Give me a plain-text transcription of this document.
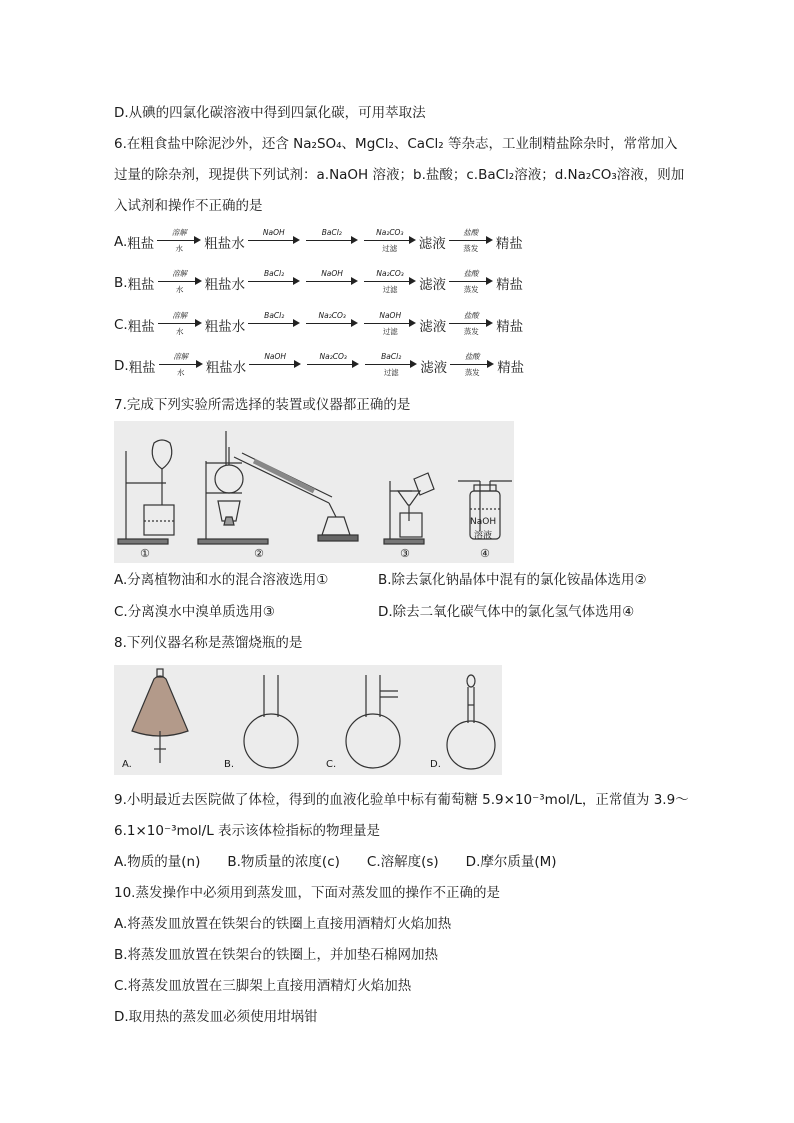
D.从碘的四氯化碳溶液中得到四氯化碳，可用萃取法
6.在粗食盐中除泥沙外，还含 Na₂SO₄、MgCl₂、CaCl₂ 等杂志，工业制精盐除杂时，常常加入
过量的除杂剂，现提供下列试剂：a.NaOH 溶液；b.盐酸；c.BaCl₂溶液；d.Na₂CO₃溶液，则加
入试剂和操作不正确的是
A. 粗盐
溶解
水	粗盐水
NaOH	BaCl₂	Na₂CO₃
过滤	滤液
盐酸
蒸发	精盐
B. 粗盐
溶解
水	粗盐水
BaCl₂	NaOH	Na₂CO₃
过滤	滤液
盐酸
蒸发	精盐
C. 粗盐
溶解
水	粗盐水
BaCl₂	Na₂CO₃	NaOH
过滤	滤液
盐酸
蒸发	精盐
D. 粗盐
溶解
水	粗盐水
NaOH	Na₂CO₃	BaCl₂
过滤	滤液
盐酸
蒸发	精盐
7.完成下列实验所需选择的装置或仪器都正确的是
NaOH
溶液
①	②	③	④
A.分离植物油和水的混合溶液选用①	B.除去氯化钠晶体中混有的氯化铵晶体选用②
C.分离溴水中溴单质选用③	D.除去二氧化碳气体中的氯化氢气体选用④
8.下列仪器名称是蒸馏烧瓶的是
A.	B.	C.	D.
9.小明最近去医院做了体检，得到的血液化验单中标有葡萄糖 5.9×10⁻³mol/L，正常值为 3.9～
6.1×10⁻³mol/L 表示该体检指标的物理量是
A.物质的量(n)　　B.物质量的浓度(c)　　C.溶解度(s)　　D.摩尔质量(M)
10.蒸发操作中必须用到蒸发皿，下面对蒸发皿的操作不正确的是
A.将蒸发皿放置在铁架台的铁圈上直接用酒精灯火焰加热
B.将蒸发皿放置在铁架台的铁圈上，并加垫石棉网加热
C.将蒸发皿放置在三脚架上直接用酒精灯火焰加热
D.取用热的蒸发皿必须使用坩埚钳
